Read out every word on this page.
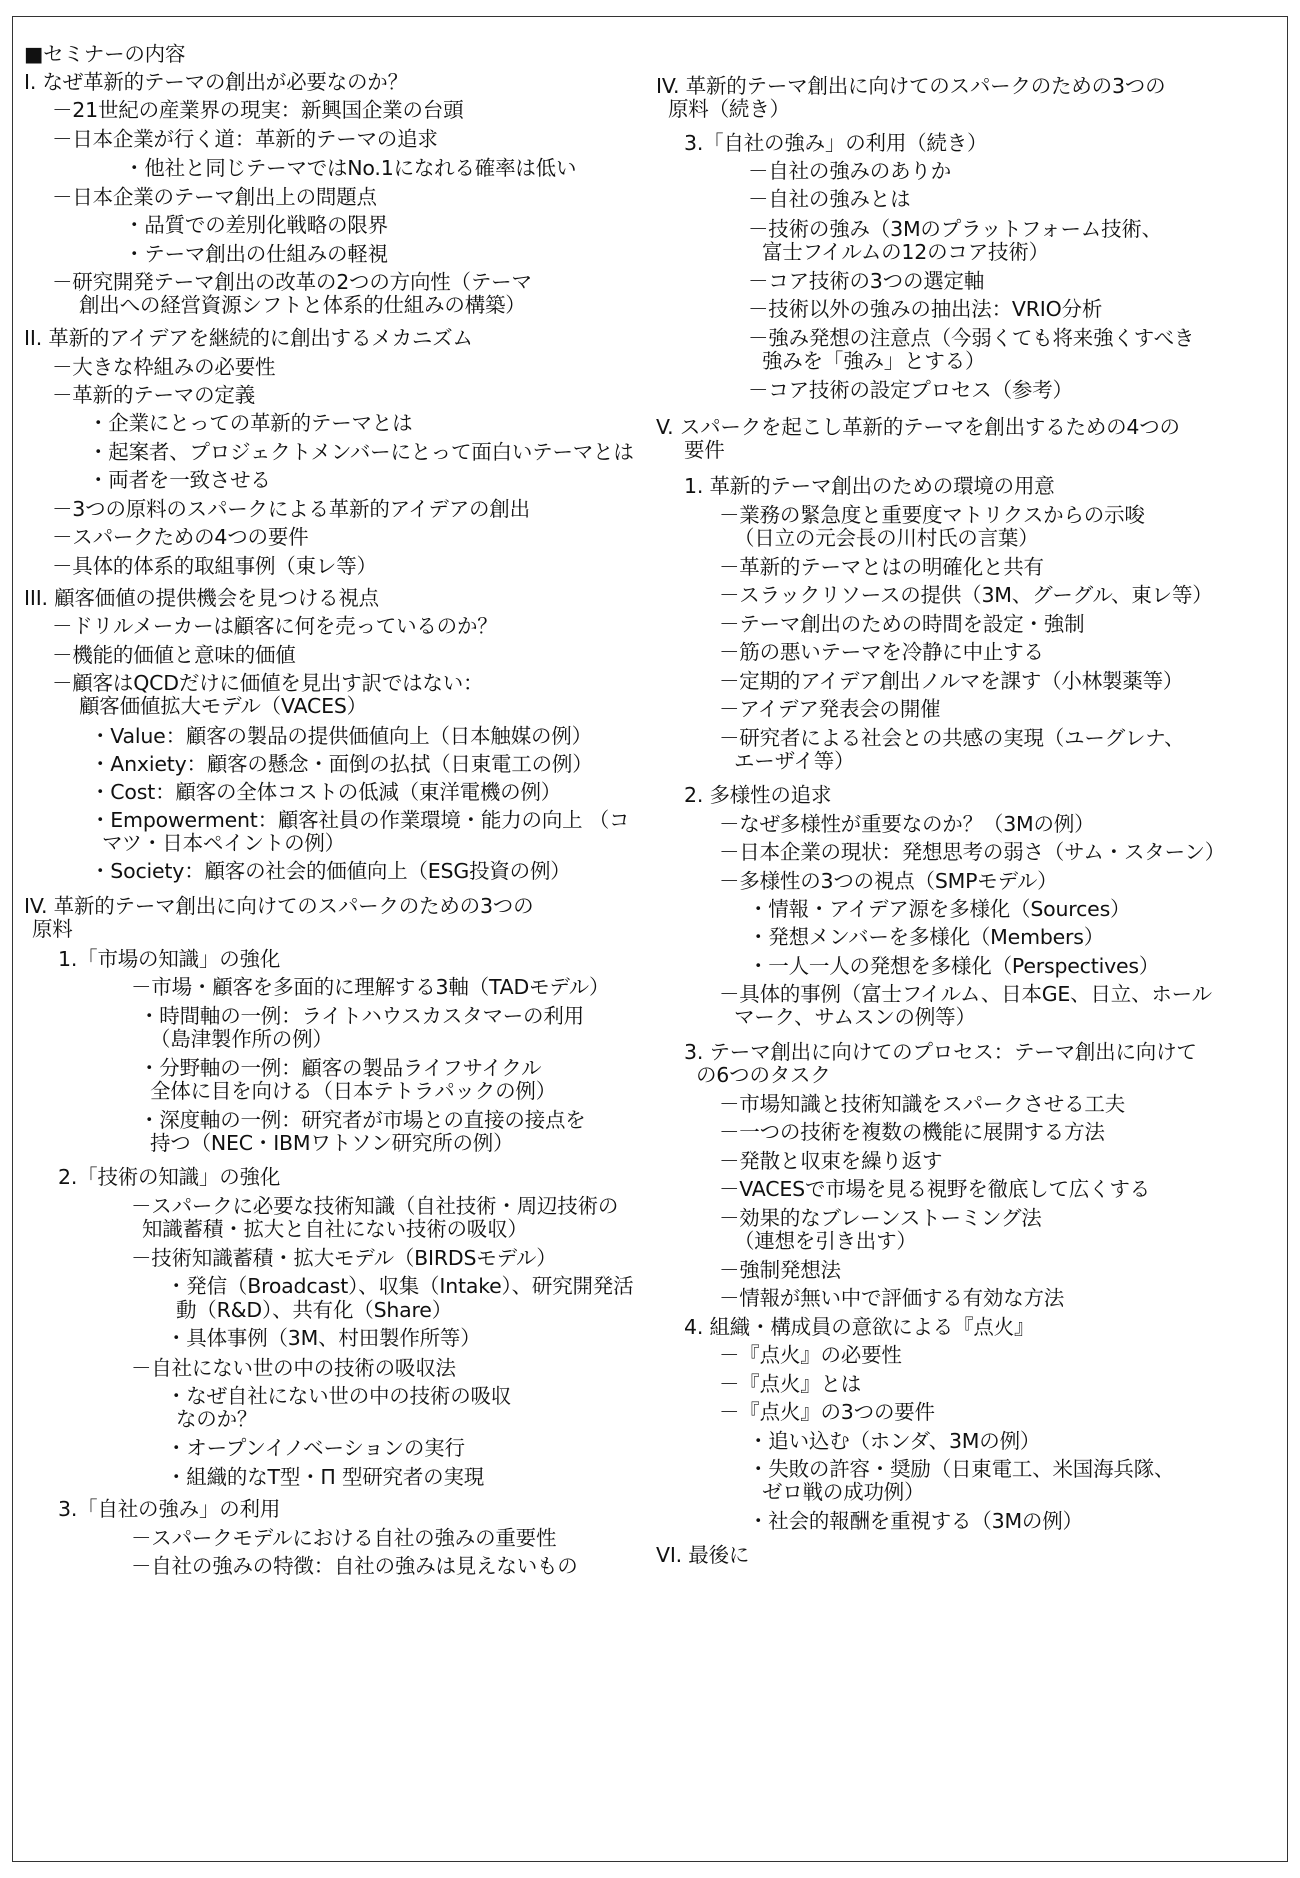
■セミナーの内容
I. なぜ革新的テーマの創出が必要なのか？
－21世紀の産業界の現実：新興国企業の台頭
－日本企業が行く道：革新的テーマの追求
・他社と同じテーマではNo.1になれる確率は低い
－日本企業のテーマ創出上の問題点
・品質での差別化戦略の限界
・テーマ創出の仕組みの軽視
－研究開発テーマ創出の改革の2つの方向性（テーマ
創出への経営資源シフトと体系的仕組みの構築）
II. 革新的アイデアを継続的に創出するメカニズム
－大きな枠組みの必要性
－革新的テーマの定義
・企業にとっての革新的テーマとは
・起案者、プロジェクトメンバーにとって面白いテーマとは
・両者を一致させる
－3つの原料のスパークによる革新的アイデアの創出
－スパークための4つの要件
－具体的体系的取組事例（東レ等）
III. 顧客価値の提供機会を見つける視点
－ドリルメーカーは顧客に何を売っているのか？
－機能的価値と意味的価値
－顧客はQCDだけに価値を見出す訳ではない：
顧客価値拡大モデル（VACES）
・Value：顧客の製品の提供価値向上（日本触媒の例）
・Anxiety：顧客の懸念・面倒の払拭（日東電工の例）
・Cost：顧客の全体コストの低減（東洋電機の例）
・Empowerment：顧客社員の作業環境・能力の向上 （コ
マツ・日本ペイントの例）
・Society：顧客の社会的価値向上（ESG投資の例）
IV. 革新的テーマ創出に向けてのスパークのための3つの
原料
1.「市場の知識」の強化
－市場・顧客を多面的に理解する3軸（TADモデル）
・時間軸の一例：ライトハウスカスタマーの利用
（島津製作所の例）
・分野軸の一例：顧客の製品ライフサイクル
全体に目を向ける（日本テトラパックの例）
・深度軸の一例：研究者が市場との直接の接点を
持つ（NEC・IBMワトソン研究所の例）
2.「技術の知識」の強化
－スパークに必要な技術知識（自社技術・周辺技術の
知識蓄積・拡大と自社にない技術の吸収）
－技術知識蓄積・拡大モデル（BIRDSモデル）
・発信（Broadcast）、収集（Intake）、研究開発活
動（R&D）、共有化（Share）
・具体事例（3M、村田製作所等）
－自社にない世の中の技術の吸収法
・なぜ自社にない世の中の技術の吸収
なのか？
・オープンイノベーションの実行
・組織的なT型・Π 型研究者の実現
3.「自社の強み」の利用
－スパークモデルにおける自社の強みの重要性
－自社の強みの特徴：自社の強みは見えないもの
IV. 革新的テーマ創出に向けてのスパークのための3つの
原料（続き）
3.「自社の強み」の利用（続き）
－自社の強みのありか
－自社の強みとは
－技術の強み（3Mのプラットフォーム技術、
富士フイルムの12のコア技術）
－コア技術の3つの選定軸
－技術以外の強みの抽出法：VRIO分析
－強み発想の注意点（今弱くても将来強くすべき
強みを「強み」とする）
－コア技術の設定プロセス（参考）
V. スパークを起こし革新的テーマを創出するための4つの
要件
1. 革新的テーマ創出のための環境の用意
－業務の緊急度と重要度マトリクスからの示唆
（日立の元会長の川村氏の言葉）
－革新的テーマとはの明確化と共有
－スラックリソースの提供（3M、グーグル、東レ等）
－テーマ創出のための時間を設定・強制
－筋の悪いテーマを冷静に中止する
－定期的アイデア創出ノルマを課す（小林製薬等）
－アイデア発表会の開催
－研究者による社会との共感の実現（ユーグレナ、
エーザイ等）
2. 多様性の追求
－なぜ多様性が重要なのか？（3Mの例）
－日本企業の現状：発想思考の弱さ（サム・スターン）
－多様性の3つの視点（SMPモデル）
・情報・アイデア源を多様化（Sources）
・発想メンバーを多様化（Members）
・一人一人の発想を多様化（Perspectives）
－具体的事例（富士フイルム、日本GE、日立、ホール
マーク、サムスンの例等）
3. テーマ創出に向けてのプロセス：テーマ創出に向けて
の6つのタスク
－市場知識と技術知識をスパークさせる工夫
－一つの技術を複数の機能に展開する方法
－発散と収束を繰り返す
－VACESで市場を見る視野を徹底して広くする
－効果的なブレーンストーミング法
（連想を引き出す）
－強制発想法
－情報が無い中で評価する有効な方法
4. 組織・構成員の意欲による『点火』
－『点火』の必要性
－『点火』とは
－『点火』の3つの要件
・追い込む（ホンダ、3Mの例）
・失敗の許容・奨励（日東電工、米国海兵隊、
ゼロ戦の成功例）
・社会的報酬を重視する（3Mの例）
VI. 最後に
